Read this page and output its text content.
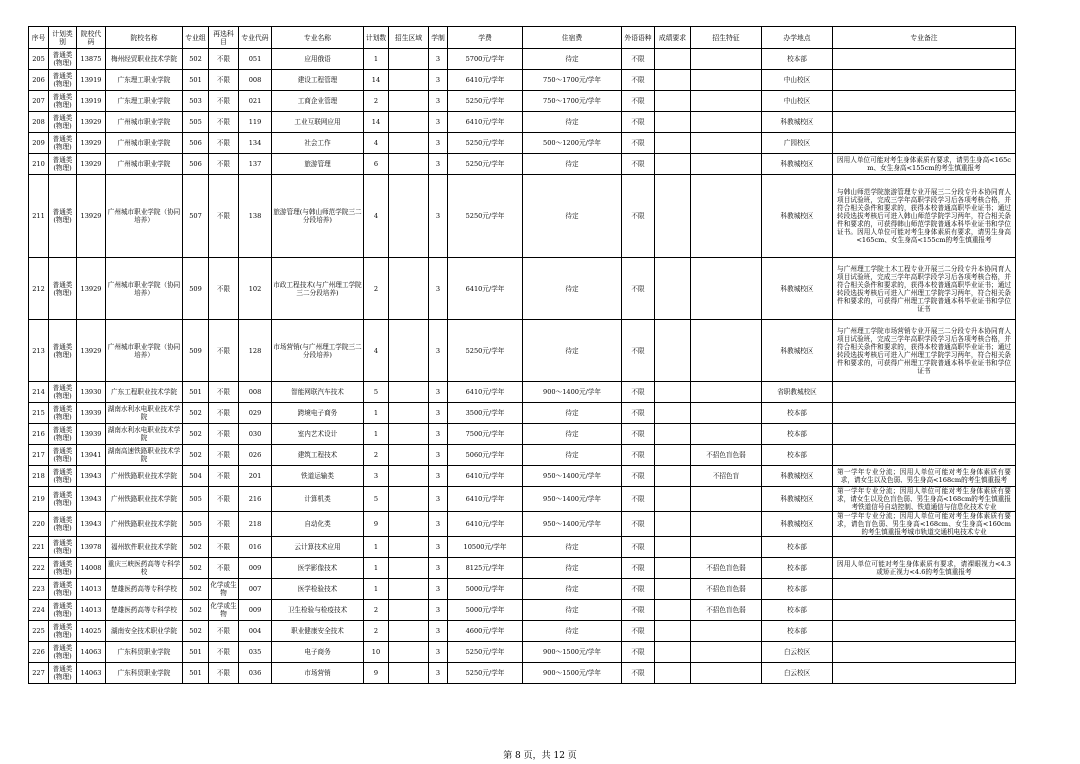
序号	计划类别	院校代码	院校名称	专业组	再选科目	专业代码	专业名称	计划数	招生区域	学制	学费	住宿费	外语语种	成绩要求	招生特征	办学地点	专业备注
205	普通类(物理)	13875	梅州经贸职业技术学院	502	不限	051	应用俄语	1		3	5700元/学年	待定	不限			校本部	
206	普通类(物理)	13919	广东理工职业学院	501	不限	008	建设工程管理	14		3	6410元/学年	750～1700元/学年	不限			中山校区	
207	普通类(物理)	13919	广东理工职业学院	503	不限	021	工商企业管理	2		3	5250元/学年	750～1700元/学年	不限			中山校区	
208	普通类(物理)	13929	广州城市职业学院	505	不限	119	工业互联网应用	14		3	6410元/学年	待定	不限			科教城校区	
209	普通类(物理)	13929	广州城市职业学院	506	不限	134	社会工作	4		3	5250元/学年	500～1200元/学年	不限			广园校区	
210	普通类(物理)	13929	广州城市职业学院	506	不限	137	旅游管理	6		3	5250元/学年	待定	不限			科教城校区	因用人单位可能对考生身体素质有要求，请男生身高<165cm、女生身高<155cm的考生慎重报考
211	普通类(物理)	13929	广州城市职业学院（协同培养）	507	不限	138	旅游管理(与韩山师范学院三二分段培养)	4		3	5250元/学年	待定	不限			科教城校区	与韩山师范学院旅游管理专业开展三二分段专升本协同育人项目试验班，完成三学年高职学段学习后各项考核合格，并符合相关条件和要求的，获得本校普通高职毕业证书；通过转段选拔考核后可进入韩山师范学院学习两年，符合相关条件和要求的，可获得韩山师范学院普通本科毕业证书和学位证书。因用人单位可能对考生身体素质有要求，请男生身高<165cm、女生身高<155cm的考生慎重报考
212	普通类(物理)	13929	广州城市职业学院（协同培养）	509	不限	102	市政工程技术(与广州理工学院三二分段培养)	2		3	6410元/学年	待定	不限			科教城校区	与广州理工学院土木工程专业开展三二分段专升本协同育人项目试验班，完成三学年高职学段学习后各项考核合格，并符合相关条件和要求的，获得本校普通高职毕业证书；通过转段选拔考核后可进入广州理工学院学习两年，符合相关条件和要求的，可获得广州理工学院普通本科毕业证书和学位证书
213	普通类(物理)	13929	广州城市职业学院（协同培养）	509	不限	128	市场营销(与广州理工学院三二分段培养)	4		3	5250元/学年	待定	不限			科教城校区	与广州理工学院市场营销专业开展三二分段专升本协同育人项目试验班，完成三学年高职学段学习后各项考核合格，并符合相关条件和要求的，获得本校普通高职毕业证书；通过转段选拔考核后可进入广州理工学院学习两年，符合相关条件和要求的，可获得广州理工学院普通本科毕业证书和学位证书
214	普通类(物理)	13930	广东工程职业技术学院	501	不限	008	智能网联汽车技术	5		3	6410元/学年	900～1400元/学年	不限			省职教城校区	
215	普通类(物理)	13939	湖南水利水电职业技术学院	502	不限	029	跨境电子商务	1		3	3500元/学年	待定	不限			校本部	
216	普通类(物理)	13939	湖南水利水电职业技术学院	502	不限	030	室内艺术设计	1		3	7500元/学年	待定	不限			校本部	
217	普通类(物理)	13941	湖南高速铁路职业技术学院	502	不限	026	建筑工程技术	2		3	5060元/学年	待定	不限		不招色盲色弱	校本部	
218	普通类(物理)	13943	广州铁路职业技术学院	504	不限	201	铁道运输类	3		3	6410元/学年	950～1400元/学年	不限		不招色盲	科教城校区	第一学年专业分流；因用人单位可能对考生身体素质有要求，请女生以及色弱、男生身高<168cm的考生慎重报考
219	普通类(物理)	13943	广州铁路职业技术学院	505	不限	216	计算机类	5		3	6410元/学年	950～1400元/学年	不限			科教城校区	第一学年专业分流；因用人单位可能对考生身体素质有要求，请女生以及色盲色弱、男生身高<168cm的考生慎重报考铁道信号自动控制、铁道通信与信息化技术专业
220	普通类(物理)	13943	广州铁路职业技术学院	505	不限	218	自动化类	9		3	6410元/学年	950～1400元/学年	不限			科教城校区	第一学年专业分流；因用人单位可能对考生身体素质有要求，请色盲色弱、男生身高<168cm、女生身高<160cm的考生慎重报考城市轨道交通机电技术专业
221	普通类(物理)	13978	福州软件职业技术学院	502	不限	016	云计算技术应用	1		3	10500元/学年	待定	不限			校本部	
222	普通类(物理)	14008	重庆三峡医药高等专科学校	502	不限	009	医学影像技术	1		3	8125元/学年	待定	不限		不招色盲色弱	校本部	因用人单位可能对考生身体素质有要求，请裸眼视力<4.3或矫正视力<4.6的考生慎重报考
223	普通类(物理)	14013	楚雄医药高等专科学校	502	化学或生物	007	医学检验技术	1		3	5000元/学年	待定	不限		不招色盲色弱	校本部	
224	普通类(物理)	14013	楚雄医药高等专科学校	502	化学或生物	009	卫生检验与检疫技术	2		3	5000元/学年	待定	不限		不招色盲色弱	校本部	
225	普通类(物理)	14025	湖南安全技术职业学院	502	不限	004	职业健康安全技术	2		3	4600元/学年	待定	不限			校本部	
226	普通类(物理)	14063	广东科贸职业学院	501	不限	035	电子商务	10		3	5250元/学年	900～1500元/学年	不限			白云校区	
227	普通类(物理)	14063	广东科贸职业学院	501	不限	036	市场营销	9		3	5250元/学年	900～1500元/学年	不限			白云校区	
第 8 页，共 12 页
